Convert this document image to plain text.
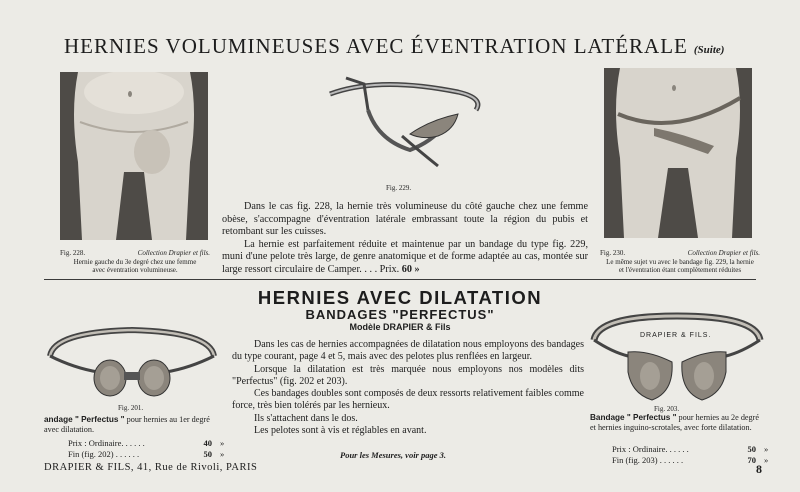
HERNIES VOLUMINEUSES AVEC ÉVENTRATION LATÉRALE (Suite)
Fig. 228.	Collection Drapier et fils.
Hernie gauche du 3e degré chez une femme
avec éventration volumineuse.
Fig. 229.

Dans le cas fig. 228, la hernie très volumineuse du côté gauche chez une femme obèse, s'accompagne d'éventration latérale embrassant toute la région du pubis et retombant sur les cuisses.

La hernie est parfaitement réduite et maintenue par un bandage du type fig. 229, muni d'une pelote très large, de genre anatomique et de forme adaptée au cas, montée sur large ressort circulaire de Camper. . . . Prix. 60 »

Fig. 230.	Collection Drapier et fils.
Le même sujet vu avec le bandage fig. 229, la hernie
et l'éventration étant complètement réduites
HERNIES AVEC DILATATION
BANDAGES "PERFECTUS"
Modèle DRAPIER & Fils
Fig. 201.

Dans les cas de hernies accompagnées de dilatation nous employons des bandages du type courant, page 4 et 5, mais avec des pelotes plus renflées en largeur.

Lorsque la dilatation est très marquée nous employons nos modèles dits "Perfectus" (fig. 202 et 203).

Ces bandages doubles sont composés de deux ressorts relativement faibles comme force, très bien tolérés par les hernieux.

Ils s'attachent dans le dos.

Les pelotes sont à vis et réglables en avant.

DRAPIER & FILS.
Fig. 203.
andage " Perfectus " pour hernies au 1er degré avec dilatation.
Prix : Ordinaire. . . . . .	40 »
Fin (fig. 202) . . . . . .	50 »
Bandage " Perfectus " pour hernies au 2e degré et hernies inguino-scrotales, avec forte dilatation.
Prix : Ordinaire. . . . . .	50 »
Fin (fig. 203) . . . . . .	70 »
Pour les Mesures, voir page 3.
DRAPIER & FILS, 41, Rue de Rivoli, PARIS	8
